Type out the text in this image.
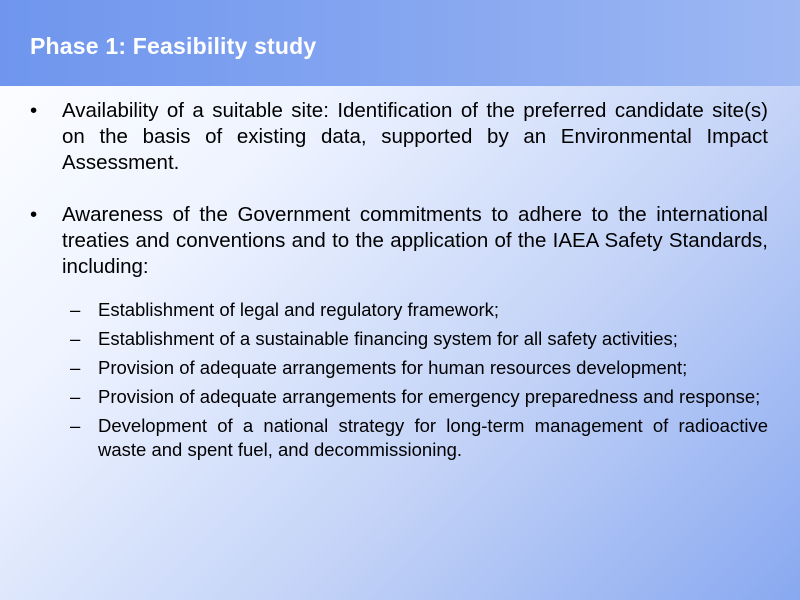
Phase 1: Feasibility study
• Availability of a suitable site: Identification of the preferred candidate site(s) on the basis of existing data, supported by an Environmental Impact Assessment.
• Awareness of the Government commitments to adhere to the international treaties and conventions and to the application of the IAEA Safety Standards, including:
– Establishment of legal and regulatory framework;
– Establishment of a sustainable financing system for all safety activities;
– Provision of adequate arrangements for human resources development;
– Provision of adequate arrangements for emergency preparedness and response;
– Development of a national strategy for long-term management of radioactive waste and spent fuel, and decommissioning.
